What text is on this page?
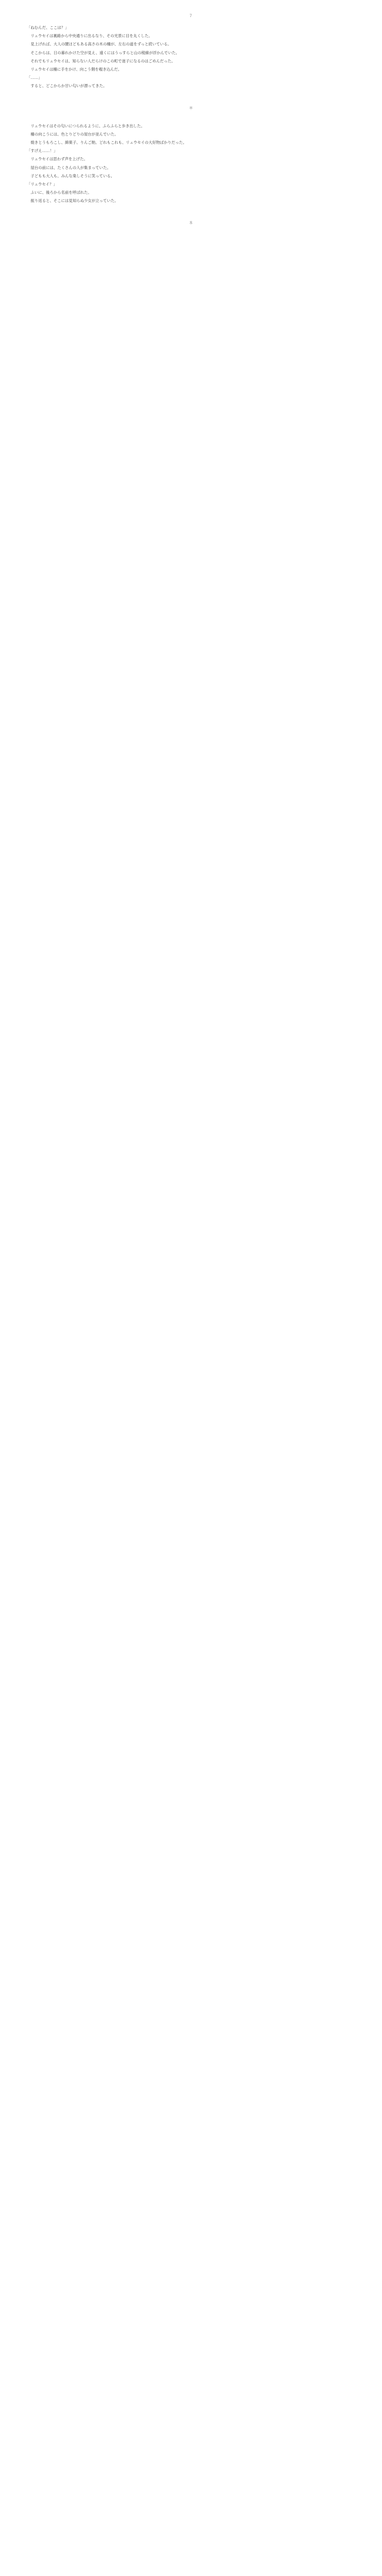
７

「ねむんだ、ここは？」

　リュウセイは裏路から中央通りに出るなり、その光景に目を丸くした。

　見上げれば、大人の腰ほどもある高さの木の柵が、左右の道をずっと続いている。

　そこからは、日の暮れかけた空が見え、遠くにはうっすらと山の稜線が浮かんでいた。

　それでもリュウセイは、知らない人だらけのこの町で迷子になるのはごめんだった。

　リュウセイは柵に手をかけ、向こう側を覗き込んだ。

「……」

　すると、どこからか甘い匂いが漂ってきた。

＊

　リュウセイはその匂いにつられるように、ふらふらと歩き出した。

　柵の向こうには、色とりどりの屋台が並んでいた。

　焼きとうもろこし、綿菓子、りんご飴。どれもこれも、リュウセイの大好物ばかりだった。

「すげえ……！」

　リュウセイは思わず声を上げた。

　屋台の前には、たくさんの人が集まっていた。

　子どもも大人も、みんな楽しそうに笑っている。

「リュウセイ？」

　ふいに、後ろから名前を呼ばれた。

　振り返ると、そこには見知らぬ少女が立っていた。

８
